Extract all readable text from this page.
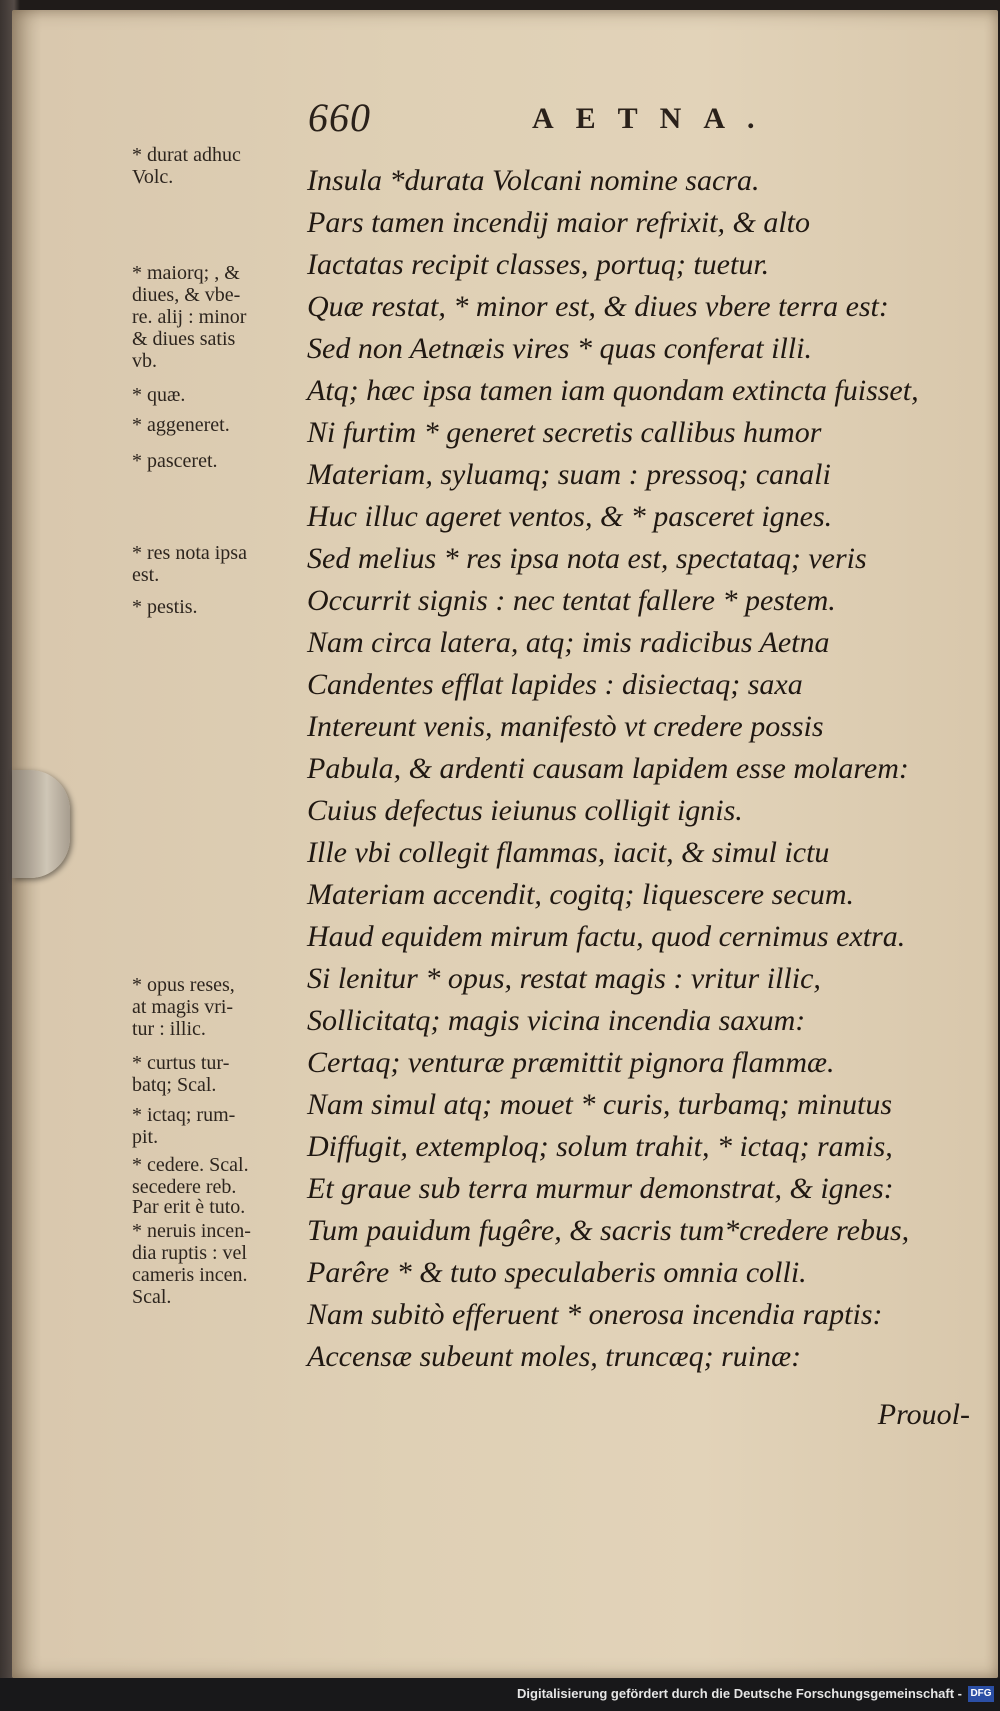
660	AETNA.
* durat adhuc
Volc.
* maiorq; , &
diues, & vbe-
re. alij : minor
& diues satis
vb.
* quæ.
* aggeneret.
* pasceret.
* res nota ipsa
est.
* pestis.
* opus reses,
at magis vri-
tur : illic.
* curtus tur-
batq; Scal.
* ictaq; rum-
pit.
* cedere. Scal.
secedere reb.
Par erit è tuto.
* neruis incen-
dia ruptis : vel
cameris incen.
Scal.
Insula *durata Volcani nomine sacra.
Pars tamen incendij maior refrixit, & alto
Iactatas recipit classes, portuq; tuetur.
Quæ restat, * minor est, & diues vbere terra est:
Sed non Aetnæis vires * quas conferat illi.
Atq; hæc ipsa tamen iam quondam extincta fuisset,
Ni furtim * generet secretis callibus humor
Materiam, syluamq; suam : pressoq; canali
Huc illuc ageret ventos, & * pasceret ignes.
Sed melius * res ipsa nota est, spectataq; veris
Occurrit signis : nec tentat fallere * pestem.
Nam circa latera, atq; imis radicibus Aetna
Candentes efflat lapides : disiectaq; saxa
Intereunt venis, manifestò vt credere possis
Pabula, & ardenti causam lapidem esse molarem:
Cuius defectus ieiunus colligit ignis.
Ille vbi collegit flammas, iacit, & simul ictu
Materiam accendit, cogitq; liquescere secum.
Haud equidem mirum factu, quod cernimus extra.
Si lenitur * opus, restat magis : vritur illic,
Sollicitatq; magis vicina incendia saxum:
Certaq; venturæ præmittit pignora flammæ.
Nam simul atq; mouet * curis, turbamq; minutus
Diffugit, extemploq; solum trahit, * ictaq; ramis,
Et graue sub terra murmur demonstrat, & ignes:
Tum pauidum fugêre, & sacris tum*credere rebus,
Parêre * & tuto speculaberis omnia colli.
Nam subitò efferuent * onerosa incendia raptis:
Accensæ subeunt moles, truncæq; ruinæ:
Prouol-
Digitalisierung gefördert durch die Deutsche Forschungsgemeinschaft - DFG
